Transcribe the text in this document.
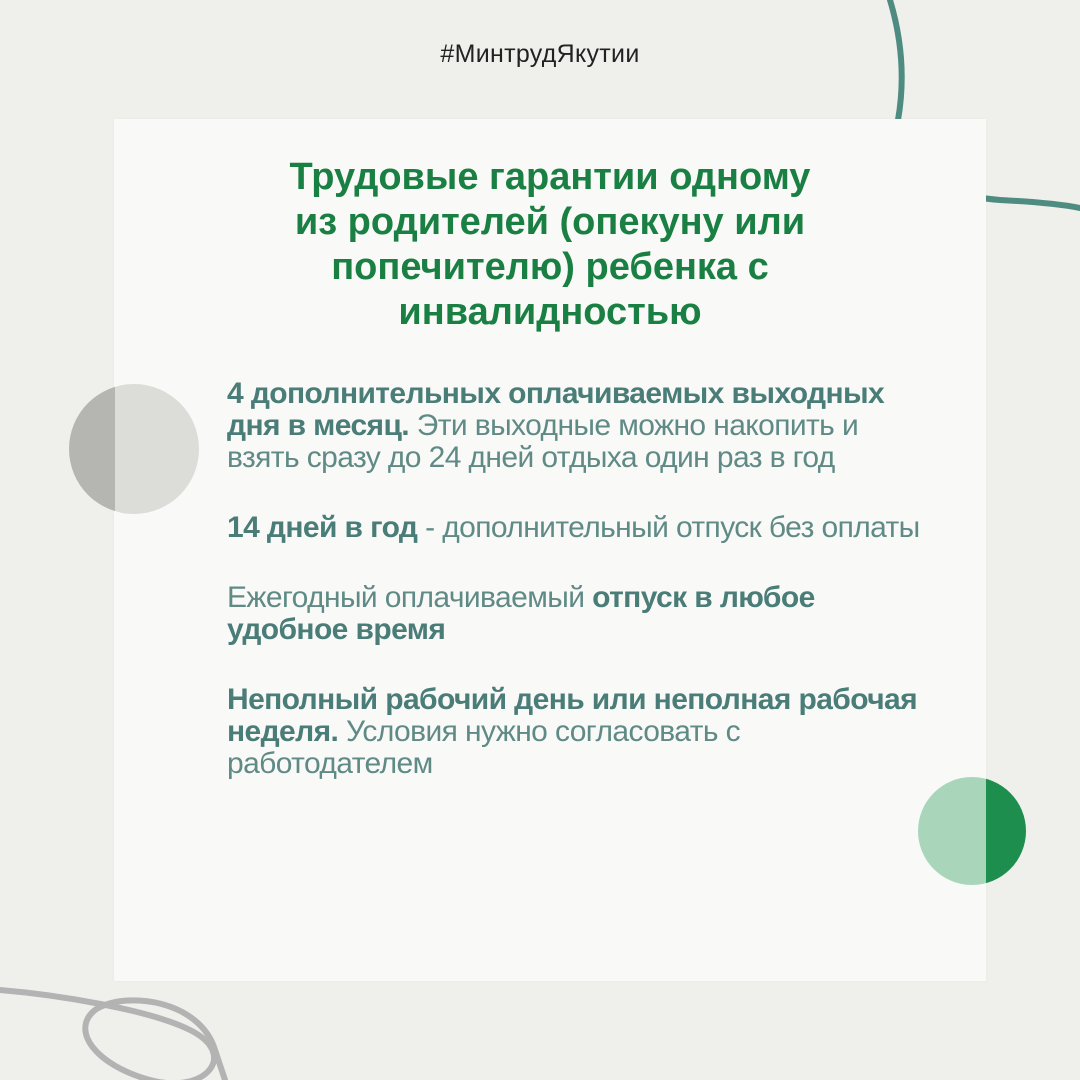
#МинтрудЯкутии
Трудовые гарантии одному
из родителей (опекуну или
попечителю) ребенка с
инвалидностью
4 дополнительных оплачиваемых выходных дня в месяц. Эти выходные можно накопить и взять сразу до 24 дней отдыха один раз в год
14 дней в год - дополнительный отпуск без оплаты
Ежегодный оплачиваемый отпуск в любое удобное время
Неполный рабочий день или неполная рабочая неделя. Условия нужно согласовать с работодателем
